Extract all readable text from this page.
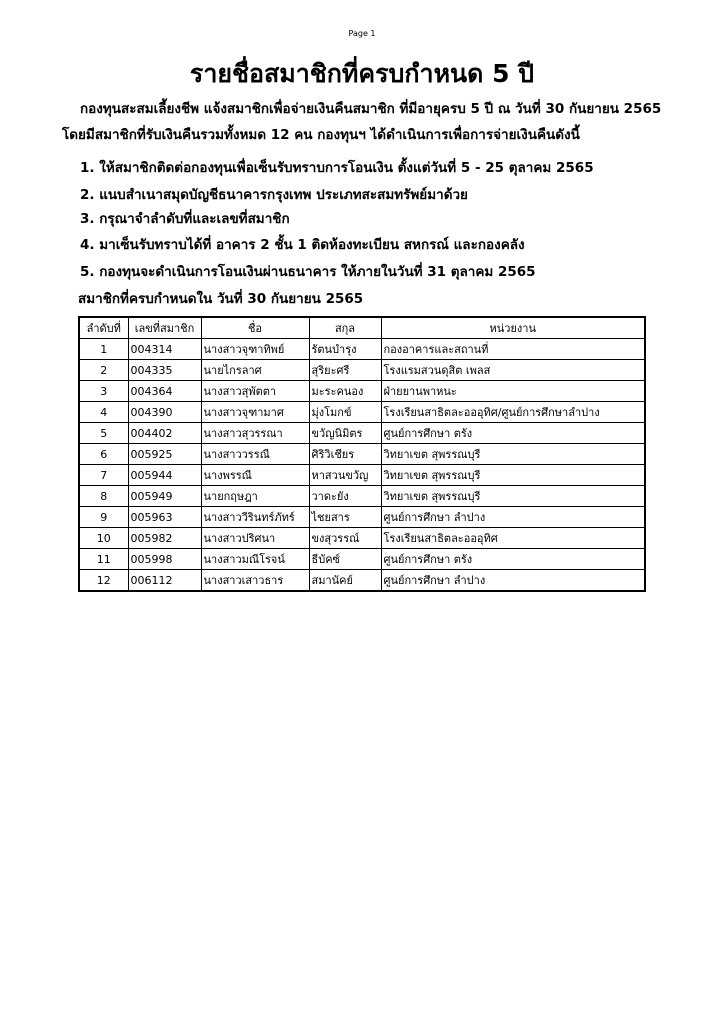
Page 1
รายชื่อสมาชิกที่ครบกำหนด 5 ปี
กองทุนสะสมเลี้ยงชีพ แจ้งสมาชิกเพื่อจ่ายเงินคืนสมาชิก ที่มีอายุครบ 5 ปี ณ วันที่ 30 กันยายน 2565
โดยมีสมาชิกที่รับเงินคืนรวมทั้งหมด 12 คน กองทุนฯ ได้ดำเนินการเพื่อการจ่ายเงินคืนดังนี้
1. ให้สมาชิกติดต่อกองทุนเพื่อเซ็นรับทราบการโอนเงิน ตั้งแต่วันที่ 5 - 25 ตุลาคม 2565
2. แนบสำเนาสมุดบัญชีธนาคารกรุงเทพ ประเภทสะสมทรัพย์มาด้วย
3. กรุณาจำลำดับที่และเลขที่สมาชิก
4. มาเซ็นรับทราบได้ที่ อาคาร 2 ชั้น 1 ติดห้องทะเบียน สหกรณ์ และกองคลัง
5. กองทุนจะดำเนินการโอนเงินผ่านธนาคาร ให้ภายในวันที่ 31 ตุลาคม 2565
สมาชิกที่ครบกำหนดใน วันที่ 30 กันยายน 2565
ลำดับที่	เลขที่สมาชิก	ชื่อ	สกุล	หน่วยงาน
1	004314	นางสาวจุฑาทิพย์	รัตนบำรุง	กองอาคารและสถานที่
2	004335	นายไกรลาศ	สุริยะศรี	โรงแรมสวนดุสิต เพลส
3	004364	นางสาวสุพัตตา	มะระคนอง	ฝ่ายยานพาหนะ
4	004390	นางสาวจุฑามาศ	มุ่งโมกข์	โรงเรียนสาธิตละอออุทิศ/ศูนย์การศึกษาลำปาง
5	004402	นางสาวสุวรรณา	ขวัญนิมิตร	ศูนย์การศึกษา ตรัง
6	005925	นางสาววรรณี	ศิริวิเชียร	วิทยาเขต สุพรรณบุรี
7	005944	นางพรรณี	หาสวนขวัญ	วิทยาเขต สุพรรณบุรี
8	005949	นายกฤษฎา	วาดะยัง	วิทยาเขต สุพรรณบุรี
9	005963	นางสาววีรินทร์ภัทร์	ไชยสาร	ศูนย์การศึกษา ลำปาง
10	005982	นางสาวปริศนา	ขงสุวรรณ์	โรงเรียนสาธิตละอออุทิศ
11	005998	นางสาวมณีโรจน์	ธีบัคซ์	ศูนย์การศึกษา ตรัง
12	006112	นางสาวเสาวธาร	สมานัคย์	ศูนย์การศึกษา ลำปาง
